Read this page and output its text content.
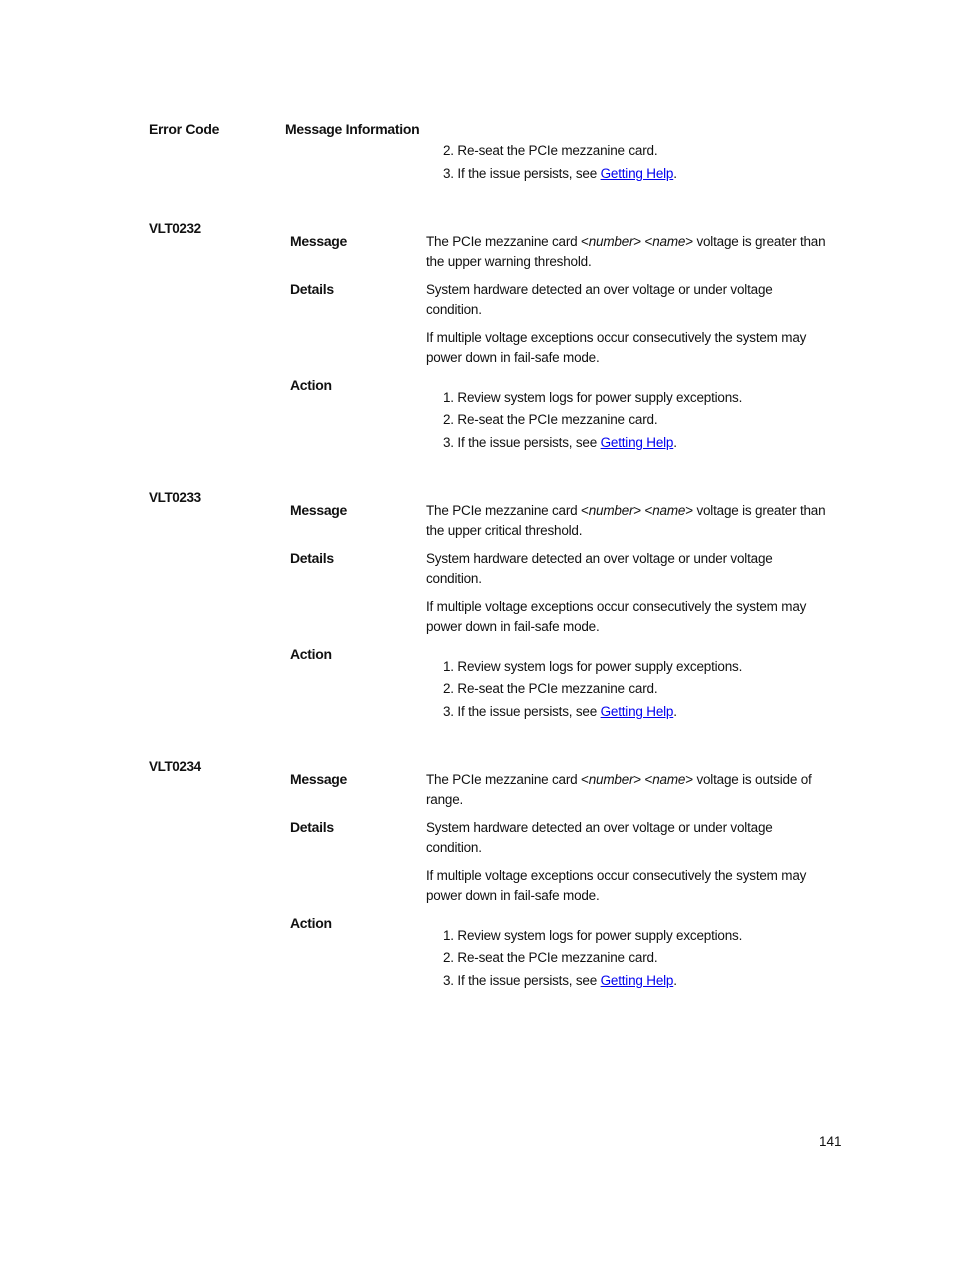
Error Code	Message Information
2. Re-seat the PCIe mezzanine card.
3. If the issue persists, see Getting Help.
VLT0232
Message	The PCIe mezzanine card <number> <name> voltage is greater than the upper warning threshold.
Details	System hardware detected an over voltage or under voltage condition.
If multiple voltage exceptions occur consecutively the system may power down in fail-safe mode.
Action
1. Review system logs for power supply exceptions.
2. Re-seat the PCIe mezzanine card.
3. If the issue persists, see Getting Help.
VLT0233
Message	The PCIe mezzanine card <number> <name> voltage is greater than the upper critical threshold.
Details	System hardware detected an over voltage or under voltage condition.
If multiple voltage exceptions occur consecutively the system may power down in fail-safe mode.
Action
1. Review system logs for power supply exceptions.
2. Re-seat the PCIe mezzanine card.
3. If the issue persists, see Getting Help.
VLT0234
Message	The PCIe mezzanine card <number> <name> voltage is outside of range.
Details	System hardware detected an over voltage or under voltage condition.
If multiple voltage exceptions occur consecutively the system may power down in fail-safe mode.
Action
1. Review system logs for power supply exceptions.
2. Re-seat the PCIe mezzanine card.
3. If the issue persists, see Getting Help.
141
